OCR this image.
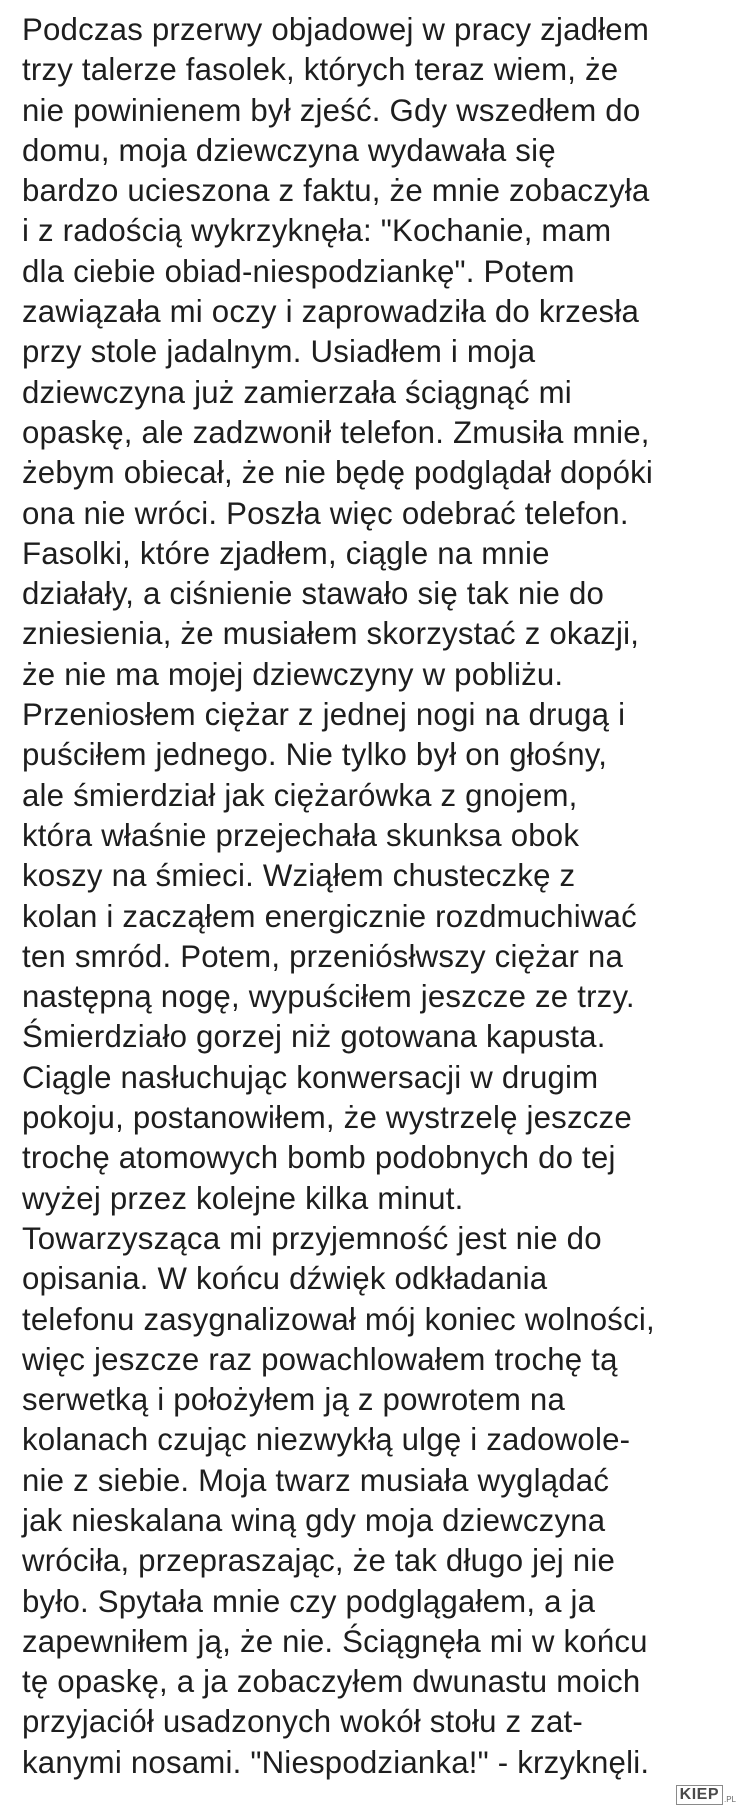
Podczas przerwy objadowej w pracy zjadłem
trzy talerze fasolek, których teraz wiem, że
nie powinienem był zjeść. Gdy wszedłem do
domu, moja dziewczyna wydawała się
bardzo ucieszona z faktu, że mnie zobaczyła
i z radością wykrzyknęła: "Kochanie, mam
dla ciebie obiad-niespodziankę". Potem
zawiązała mi oczy i zaprowadziła do krzesła
przy stole jadalnym. Usiadłem i moja
dziewczyna już zamierzała ściągnąć mi
opaskę, ale zadzwonił telefon. Zmusiła mnie,
żebym obiecał, że nie będę podglądał dopóki
ona nie wróci. Poszła więc odebrać telefon.
Fasolki, które zjadłem, ciągle na mnie
działały, a ciśnienie stawało się tak nie do
zniesienia, że musiałem skorzystać z okazji,
że nie ma mojej dziewczyny w pobliżu.
Przeniosłem ciężar z jednej nogi na drugą i
puściłem jednego. Nie tylko był on głośny,
ale śmierdział jak ciężarówka z gnojem,
która właśnie przejechała skunksa obok
koszy na śmieci. Wziąłem chusteczkę z
kolan i zacząłem energicznie rozdmuchiwać
ten smród. Potem, przeniósłwszy ciężar na
następną nogę, wypuściłem jeszcze ze trzy.
Śmierdziało gorzej niż gotowana kapusta.
Ciągle nasłuchując konwersacji w drugim
pokoju, postanowiłem, że wystrzelę jeszcze
trochę atomowych bomb podobnych do tej
wyżej przez kolejne kilka minut.
Towarzysząca mi przyjemność jest nie do
opisania. W końcu dźwięk odkładania
telefonu zasygnalizował mój koniec wolności,
więc jeszcze raz powachlowałem trochę tą
serwetką i położyłem ją z powrotem na
kolanach czując niezwykłą ulgę i zadowole-
nie z siebie. Moja twarz musiała wyglądać
jak nieskalana winą gdy moja dziewczyna
wróciła, przepraszając, że tak długo jej nie
było. Spytała mnie czy podglągałem, a ja
zapewniłem ją, że nie. Ściągnęła mi w końcu
tę opaskę, a ja zobaczyłem dwunastu moich
przyjaciół usadzonych wokół stołu z zat-
kanymi nosami. "Niespodzianka!" - krzyknęli.
KIEP .PL
